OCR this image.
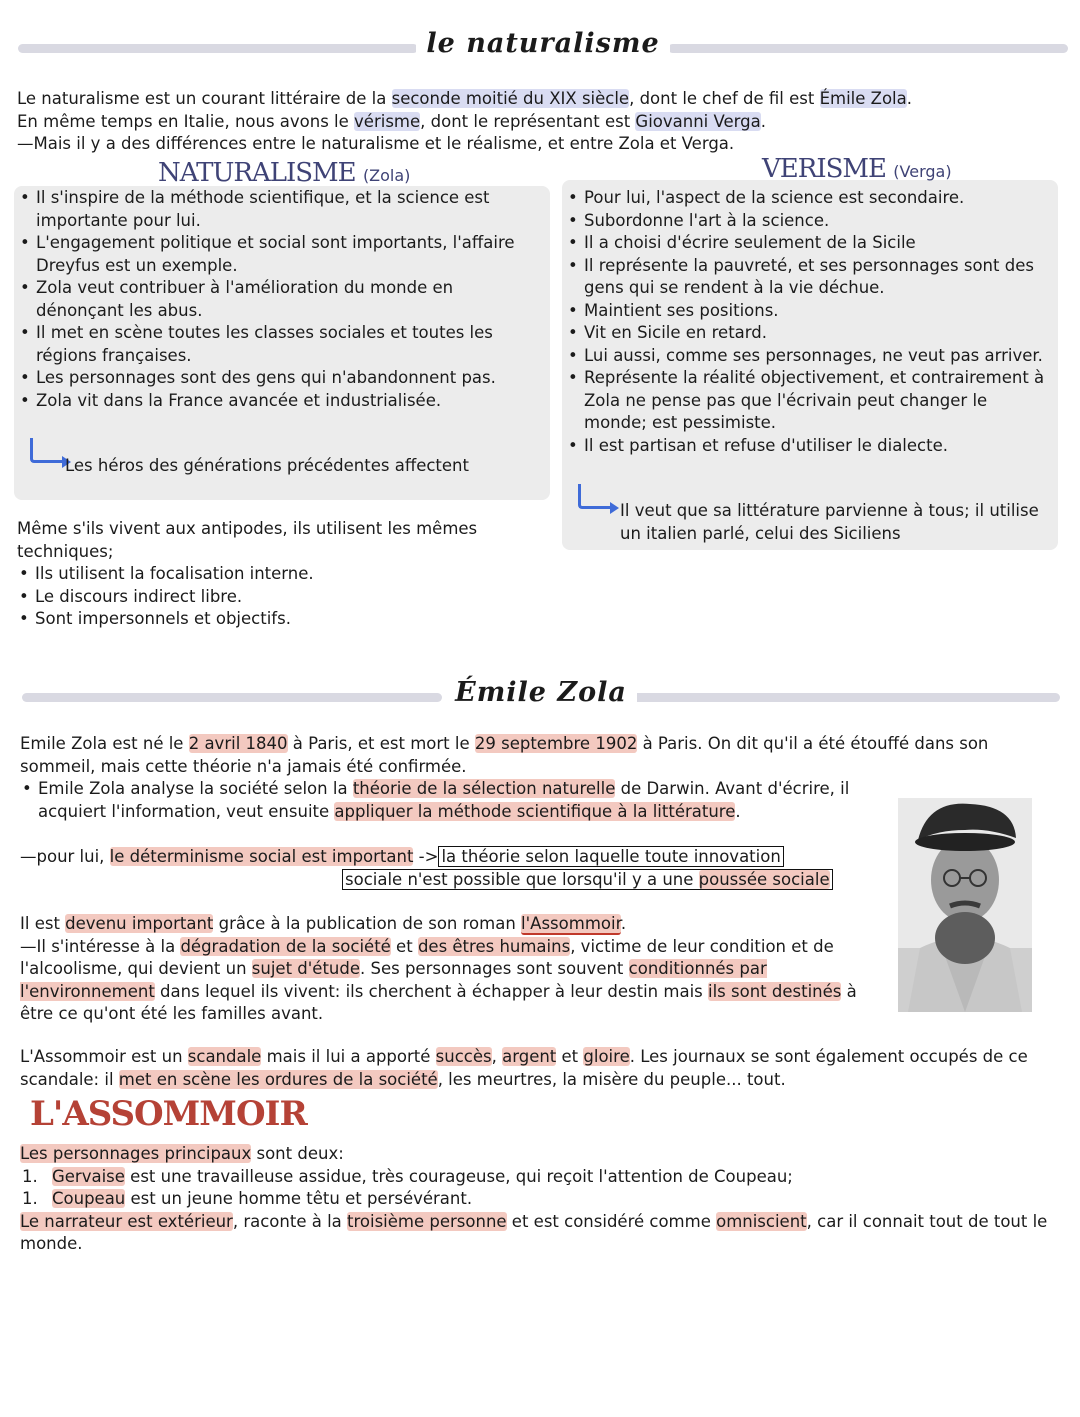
le naturalisme
Le naturalisme est un courant littéraire de la seconde moitié du XIX siècle, dont le chef de fil est Émile Zola.
En même temps en Italie, nous avons le vérisme, dont le représentant est Giovanni Verga.
—Mais il y a des différences entre le naturalisme et le réalisme, et entre Zola et Verga.
NATURALISME (Zola)
• Il s'inspire de la méthode scientifique, et la science est importante pour lui.
• L'engagement politique et social sont importants, l'affaire Dreyfus est un exemple.
• Zola veut contribuer à l'amélioration du monde en dénonçant les abus.
• Il met en scène toutes les classes sociales et toutes les régions françaises.
• Les personnages sont des gens qui n'abandonnent pas.
• Zola vit dans la France avancée et industrialisée.
Les héros des générations précédentes affectent
VERISME (Verga)
• Pour lui, l'aspect de la science est secondaire.
• Subordonne l'art à la science.
• Il a choisi d'écrire seulement de la Sicile
• Il représente la pauvreté, et ses personnages sont des gens qui se rendent à la vie déchue.
• Maintient ses positions.
• Vit en Sicile en retard.
• Lui aussi, comme ses personnages, ne veut pas arriver.
• Représente la réalité objectivement, et contrairement à Zola ne pense pas que l'écrivain peut changer le monde; est pessimiste.
• Il est partisan et refuse d'utiliser le dialecte.
Il veut que sa littérature parvienne à tous; il utilise un italien parlé, celui des Siciliens
Même s'ils vivent aux antipodes, ils utilisent les mêmes techniques;
• Ils utilisent la focalisation interne.
• Le discours indirect libre.
• Sont impersonnels et objectifs.
Émile Zola
Emile Zola est né le 2 avril 1840 à Paris, et est mort le 29 septembre 1902 à Paris. On dit qu'il a été étouffé dans son sommeil, mais cette théorie n'a jamais été confirmée.
• Emile Zola analyse la société selon la théorie de la sélection naturelle de Darwin. Avant d'écrire, il acquiert l'information, veut ensuite appliquer la méthode scientifique à la littérature.
—pour lui, le déterminisme social est important -> la théorie selon laquelle toute innovation
sociale n'est possible que lorsqu'il y a une poussée sociale
Il est devenu important grâce à la publication de son roman l'Assommoir.
—Il s'intéresse à la dégradation de la société et des êtres humains, victime de leur condition et de l'alcoolisme, qui devient un sujet d'étude. Ses personnages sont souvent conditionnés par l'environnement dans lequel ils vivent: ils cherchent à échapper à leur destin mais ils sont destinés à être ce qu'ont été les familles avant.
L'Assommoir est un scandale mais il lui a apporté succès, argent et gloire. Les journaux se sont également occupés de ce scandale: il met en scène les ordures de la société, les meurtres, la misère du peuple... tout.
L'ASSOMMOIR
Les personnages principaux sont deux:
1. Gervaise est une travailleuse assidue, très courageuse, qui reçoit l'attention de Coupeau;
1. Coupeau est un jeune homme têtu et persévérant.
Le narrateur est extérieur, raconte à la troisième personne et est considéré comme omniscient, car il connait tout de tout le monde.
